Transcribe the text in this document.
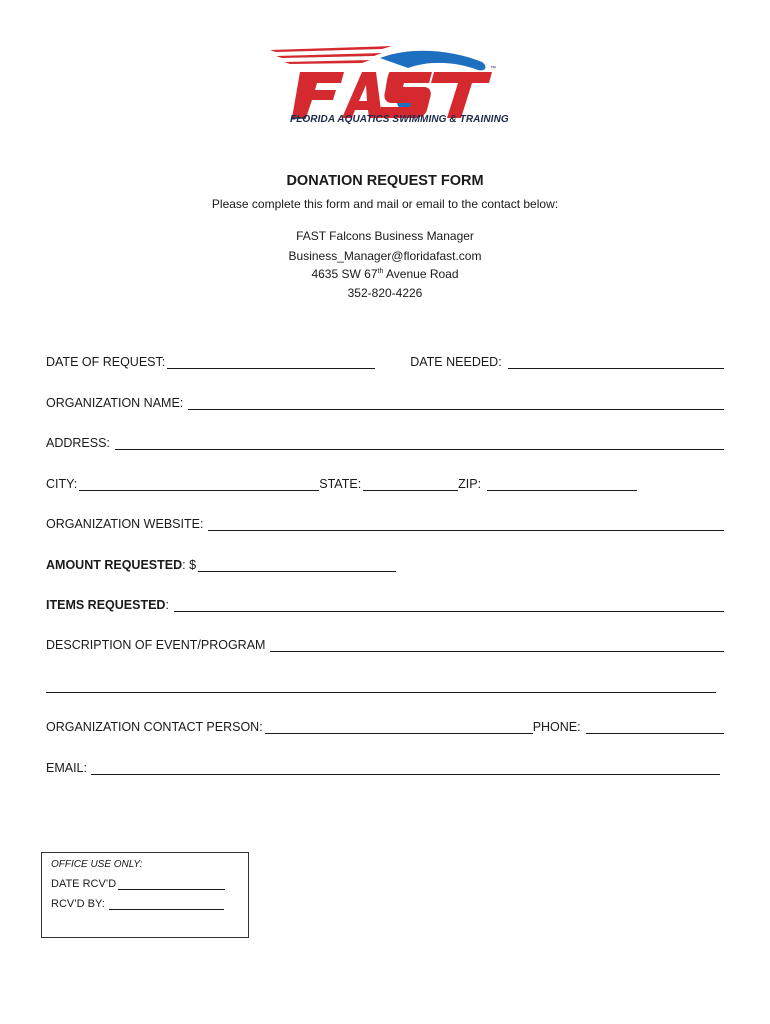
™
FLORIDA AQUATICS SWIMMING & TRAINING
DONATION REQUEST FORM
Please complete this form and mail or email to the contact below:
FAST Falcons Business Manager
Business_Manager@floridafast.com
4635 SW 67th Avenue Road
352-820-4226
DATE OF REQUEST:	DATE NEEDED:
ORGANIZATION NAME:
ADDRESS:
CITY:	STATE:	ZIP:
ORGANIZATION WEBSITE:
AMOUNT REQUESTED : $
ITEMS REQUESTED :
DESCRIPTION OF EVENT/PROGRAM
ORGANIZATION CONTACT PERSON:	PHONE:
EMAIL:
OFFICE USE ONLY:
DATE RCV’D
RCV’D BY:
